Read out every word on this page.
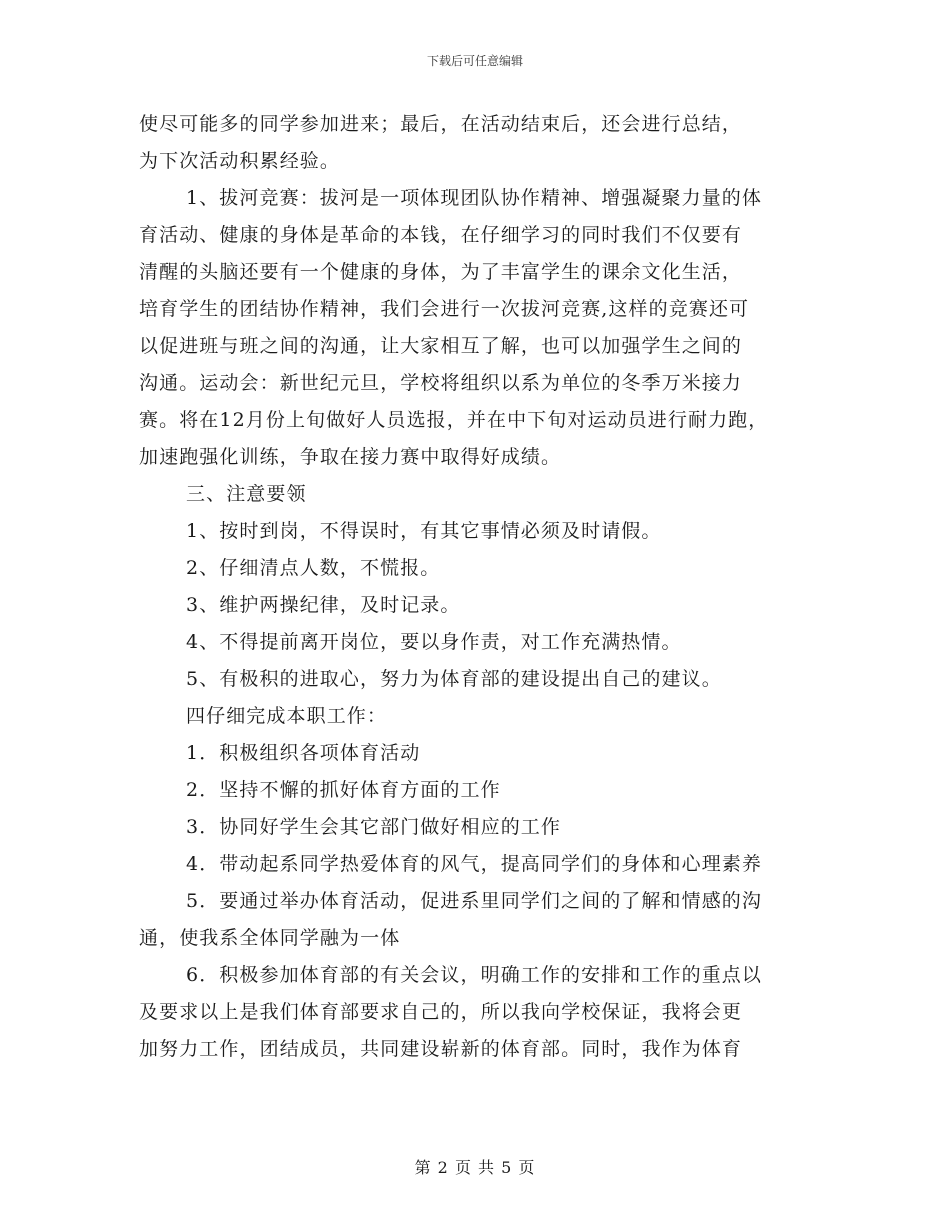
下载后可任意编辑
使尽可能多的同学参加进来；最后，在活动结束后，还会进行总结，
为下次活动积累经验。
1、拔河竞赛：拔河是一项体现团队协作精神、增强凝聚力量的体
育活动、健康的身体是革命的本钱，在仔细学习的同时我们不仅要有
清醒的头脑还要有一个健康的身体，为了丰富学生的课余文化生活，
培育学生的团结协作精神，我们会进行一次拔河竞赛,这样的竞赛还可
以促进班与班之间的沟通，让大家相互了解，也可以加强学生之间的
沟通。运动会：新世纪元旦，学校将组织以系为单位的冬季万米接力
赛。将在12月份上旬做好人员选报，并在中下旬对运动员进行耐力跑，
加速跑强化训练，争取在接力赛中取得好成绩。
三、注意要领
1、按时到岗，不得误时，有其它事情必须及时请假。
2、仔细清点人数，不慌报。
3、维护两操纪律，及时记录。
4、不得提前离开岗位，要以身作责，对工作充满热情。
5、有极积的进取心，努力为体育部的建设提出自己的建议。
四仔细完成本职工作：
1．积极组织各项体育活动
2．坚持不懈的抓好体育方面的工作
3．协同好学生会其它部门做好相应的工作
4．带动起系同学热爱体育的风气，提高同学们的身体和心理素养
5．要通过举办体育活动，促进系里同学们之间的了解和情感的沟
通，使我系全体同学融为一体
6．积极参加体育部的有关会议，明确工作的安排和工作的重点以
及要求以上是我们体育部要求自己的，所以我向学校保证，我将会更
加努力工作，团结成员，共同建设崭新的体育部。同时，我作为体育
第 2 页 共 5 页
